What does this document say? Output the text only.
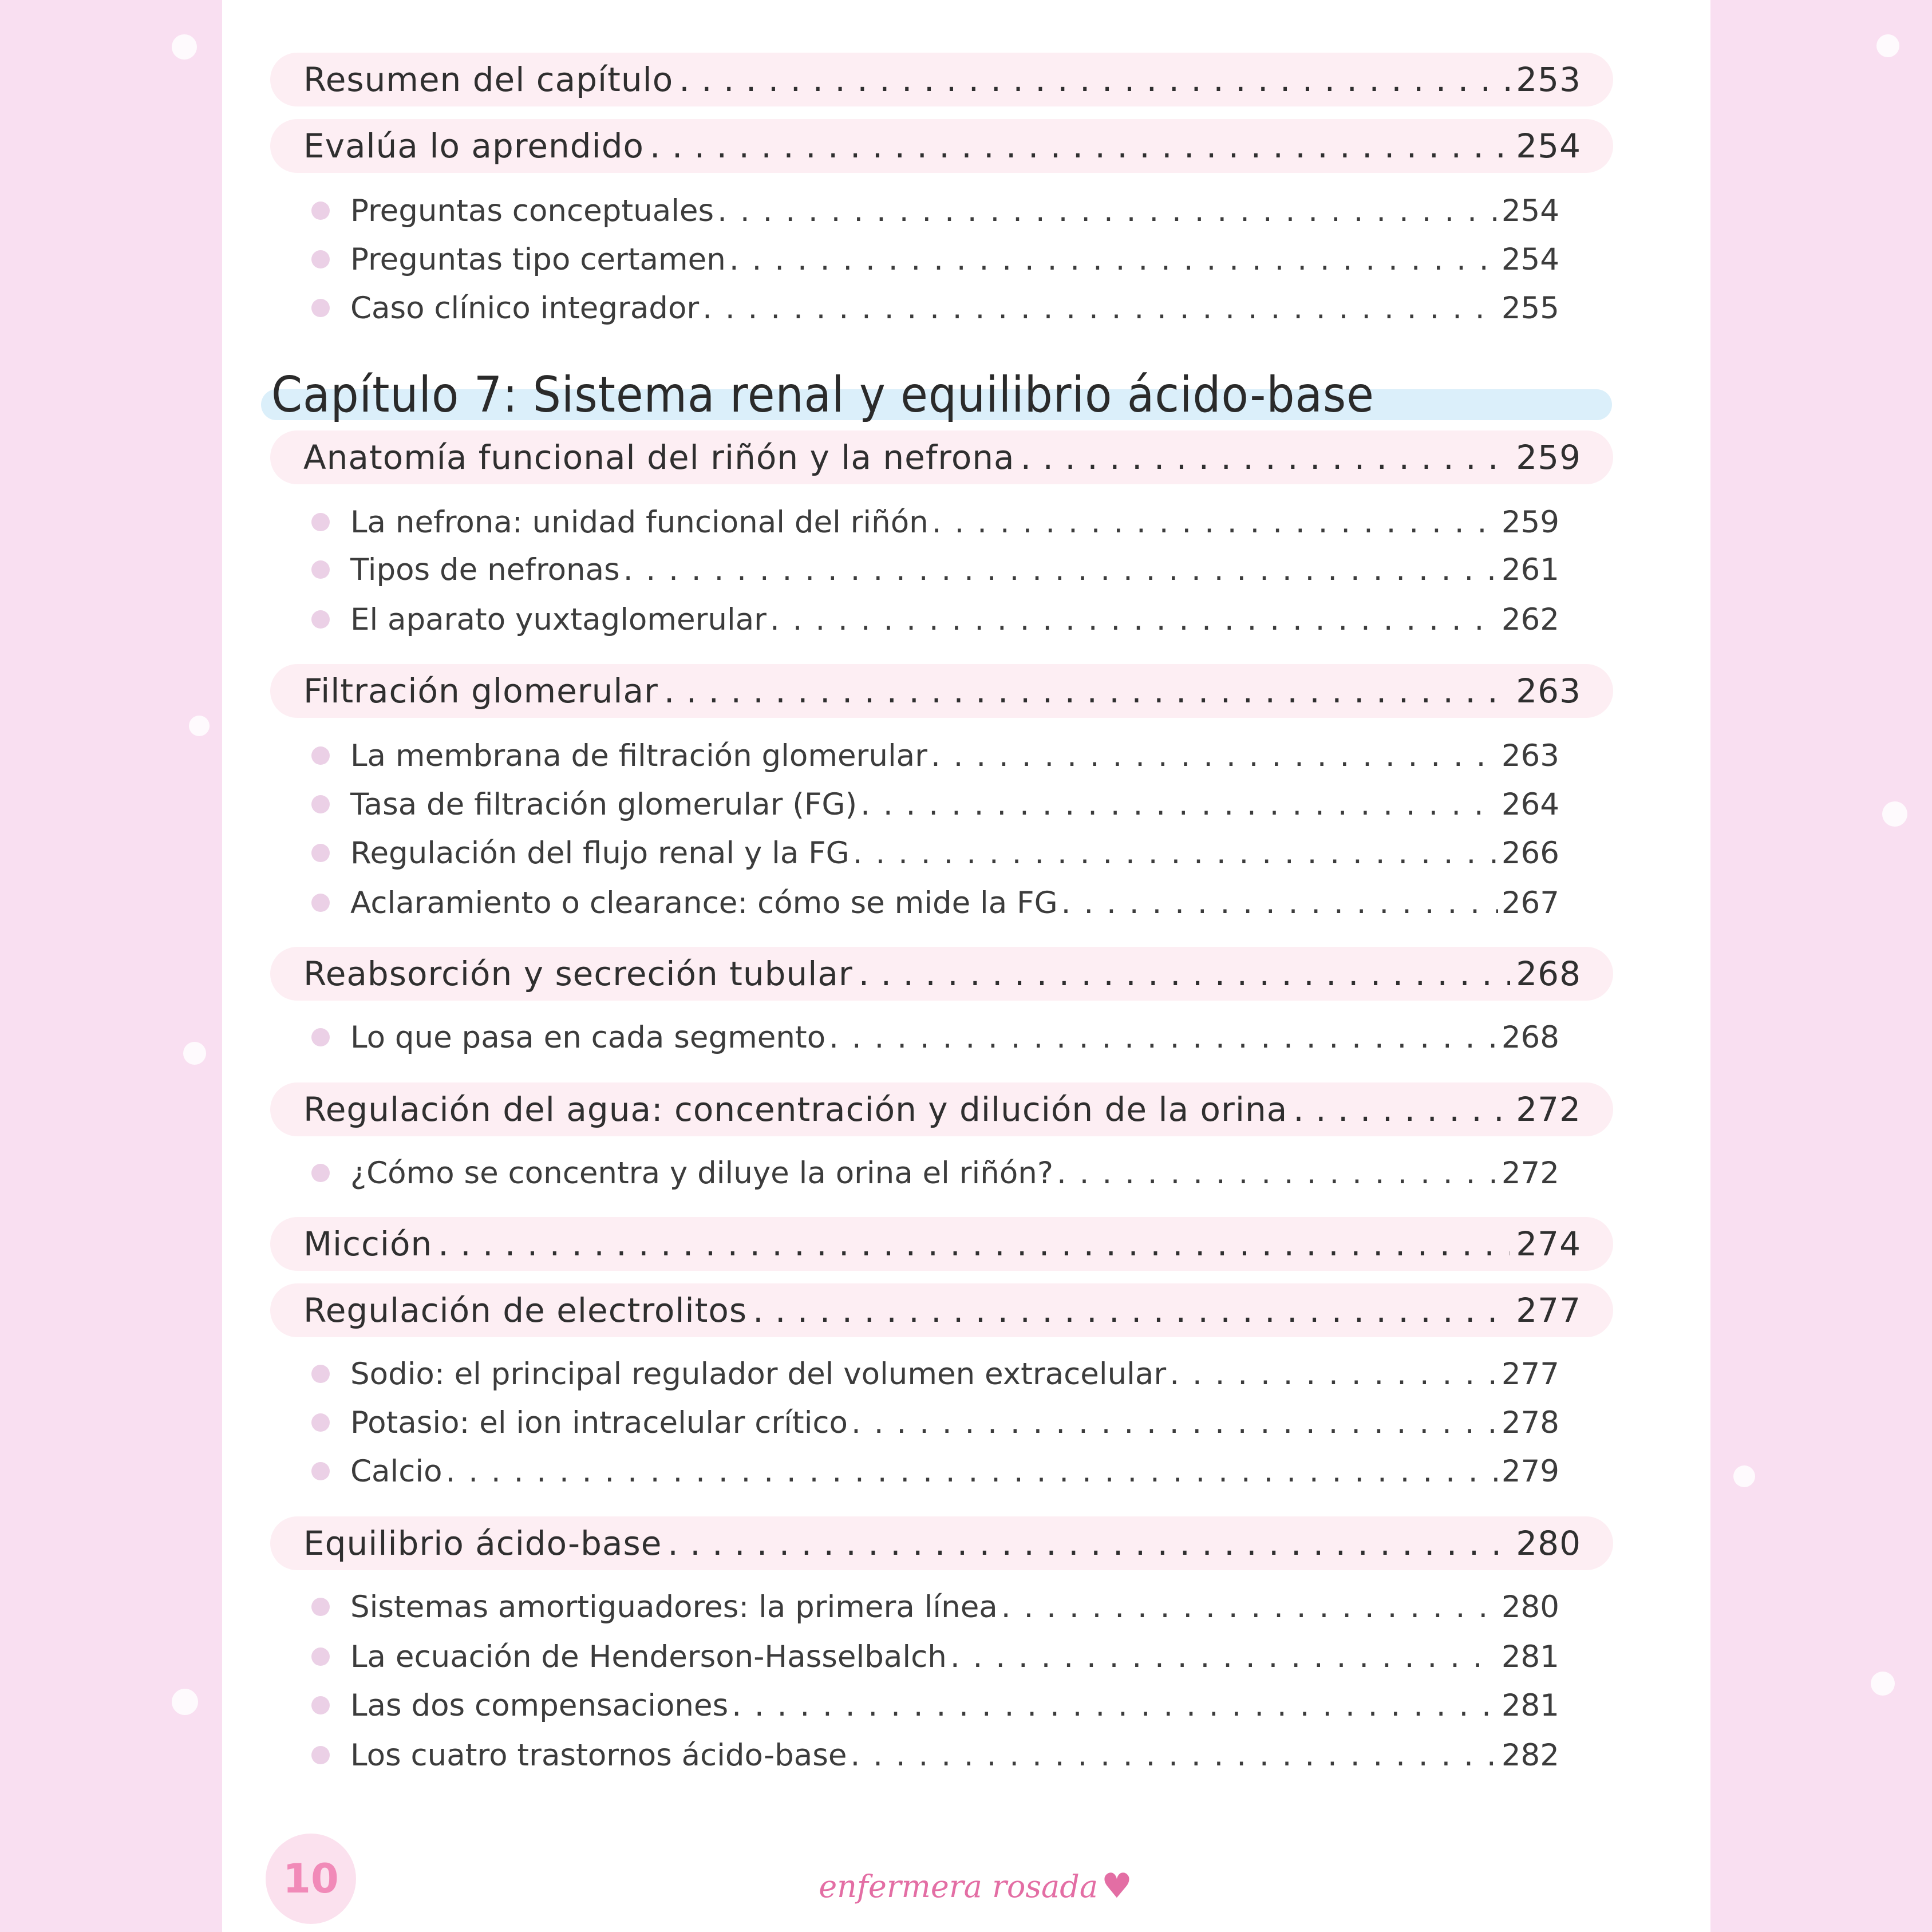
Resumen del capítulo . . .	253
Evalúa lo aprendido . . .	254
Preguntas conceptuales . . .	254
Preguntas tipo certamen . . .	254
Caso clínico integrador . . .	255
Capítulo 7: Sistema renal y equilibrio ácido-base
Anatomía funcional del riñón y la nefrona . . .	259
La nefrona: unidad funcional del riñón . . .	259
Tipos de nefronas . . .	261
El aparato yuxtaglomerular . . .	262
Filtración glomerular . . .	263
La membrana de filtración glomerular . . .	263
Tasa de filtración glomerular (FG) . . .	264
Regulación del flujo renal y la FG . . .	266
Aclaramiento o clearance: cómo se mide la FG . . .	267
Reabsorción y secreción tubular . . .	268
Lo que pasa en cada segmento . . .	268
Regulación del agua: concentración y dilución de la orina . . .	272
¿Cómo se concentra y diluye la orina el riñón? . . .	272
Micción . . .	274
Regulación de electrolitos . . .	277
Sodio: el principal regulador del volumen extracelular . . .	277
Potasio: el ion intracelular crítico . . .	278
Calcio . . .	279
Equilibrio ácido-base . . .	280
Sistemas amortiguadores: la primera línea . . .	280
La ecuación de Henderson-Hasselbalch . . .	281
Las dos compensaciones . . .	281
Los cuatro trastornos ácido-base . . .	282
10	enfermera rosada ♥
